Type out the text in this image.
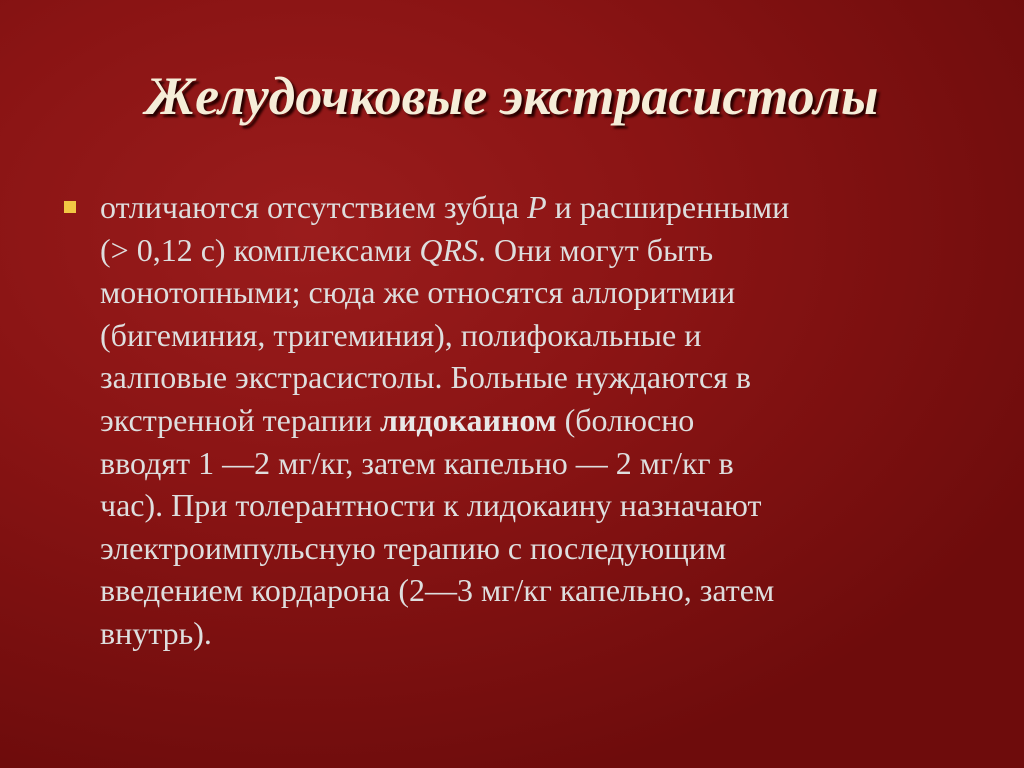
Желудочковые экстрасистолы

отличаются отсутствием зубца P и расширенными
(> 0,12 с) комплексами QRS. Они могут быть
монотопными; сюда же относятся аллоритмии
(бигеминия, тригеминия), полифокальные и
залповые экстрасистолы. Больные нуждаются в
экстренной терапии лидокаином (болюсно
вводят 1 —2 мг/кг, затем капельно — 2 мг/кг в
час). При толерантности к лидокаину назначают
электроимпульсную терапию с последующим
введением кордарона (2—3 мг/кг капельно, затем
внутрь).
